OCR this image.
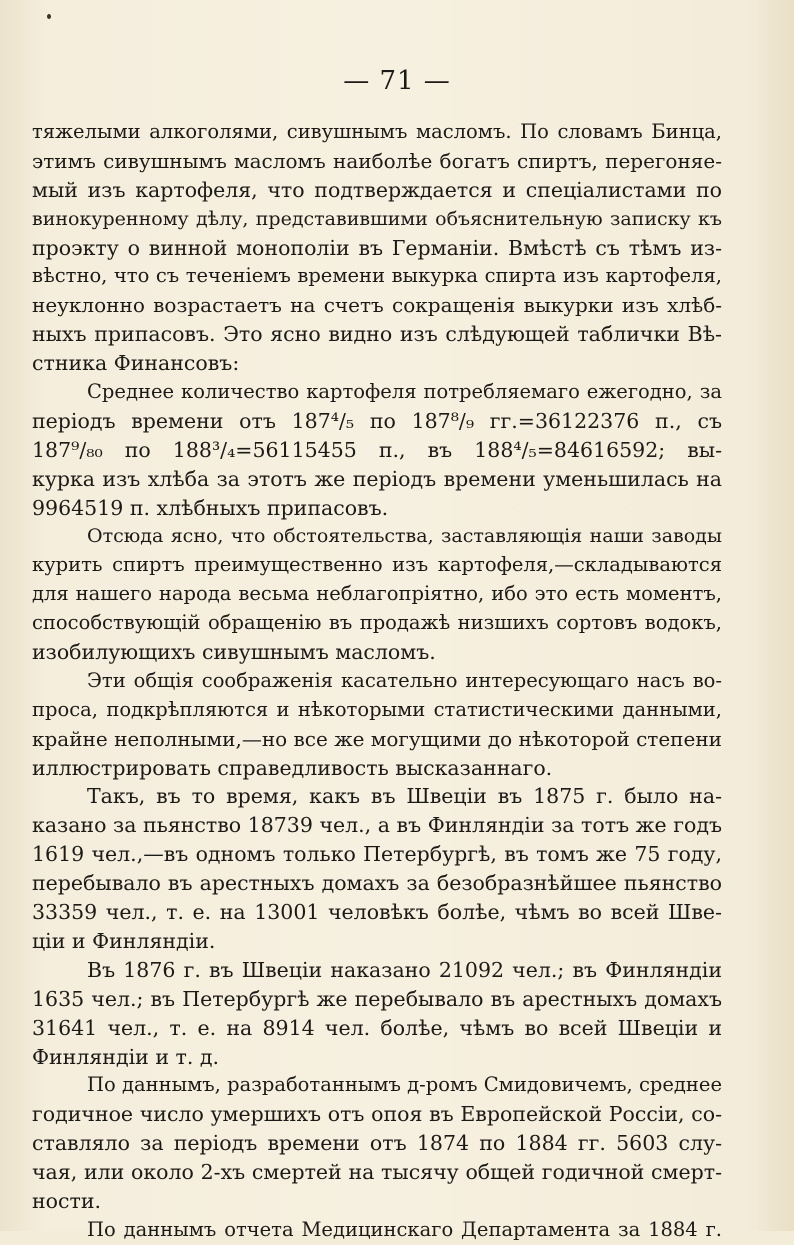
— 71 —
тяжелыми алкоголями, сивушнымъ масломъ. По словамъ Бинца,
этимъ сивушнымъ масломъ наиболѣе богатъ спиртъ, перегоняе-
мый изъ картофеля, что подтверждается и спеціалистами по
винокуренному дѣлу, представившими объяснительную записку къ
проэкту о винной монополіи въ Германіи. Вмѣстѣ съ тѣмъ из-
вѣстно, что съ теченіемъ времени выкурка спирта изъ картофеля,
неуклонно возрастаетъ на счетъ сокращенія выкурки изъ хлѣб-
ныхъ припасовъ. Это ясно видно изъ слѣдующей таблички Вѣ-
стника Финансовъ:
Среднее количество картофеля потребляемаго ежегодно, за
періодъ времени отъ 187⁴/₅ по 187⁸/₉ гг.=36122376 п., съ
187⁹/₈₀ по 188³/₄=56115455 п., въ 188⁴/₅=84616592; вы-
курка изъ хлѣба за этотъ же періодъ времени уменьшилась на
9964519 п. хлѣбныхъ припасовъ.
Отсюда ясно, что обстоятельства, заставляющія наши заводы
курить спиртъ преимущественно изъ картофеля,—складываются
для нашего народа весьма неблагопріятно, ибо это есть моментъ,
способствующій обращенію въ продажѣ низшихъ сортовъ водокъ,
изобилующихъ сивушнымъ масломъ.
Эти общія соображенія касательно интересующаго насъ во-
проса, подкрѣпляются и нѣкоторыми статистическими данными,
крайне неполными,—но все же могущими до нѣкоторой степени
иллюстрировать справедливость высказаннаго.
Такъ, въ то время, какъ въ Швеціи въ 1875 г. было на-
казано за пьянство 18739 чел., а въ Финляндіи за тотъ же годъ
1619 чел.,—въ одномъ только Петербургѣ, въ томъ же 75 году,
перебывало въ арестныхъ домахъ за безобразнѣйшее пьянство
33359 чел., т. е. на 13001 человѣкъ болѣе, чѣмъ во всей Шве-
ціи и Финляндіи.
Въ 1876 г. въ Швеціи наказано 21092 чел.; въ Финляндіи
1635 чел.; въ Петербургѣ же перебывало въ арестныхъ домахъ
31641 чел., т. е. на 8914 чел. болѣе, чѣмъ во всей Швеціи и
Финляндіи и т. д.
По даннымъ, разработаннымъ д-ромъ Смидовичемъ, среднее
годичное число умершихъ отъ опоя въ Европейской Россіи, со-
ставляло за періодъ времени отъ 1874 по 1884 гг. 5603 слу-
чая, или около 2-хъ смертей на тысячу общей годичной смерт-
ности.
По даннымъ отчета Медицинскаго Департамента за 1884 г.
